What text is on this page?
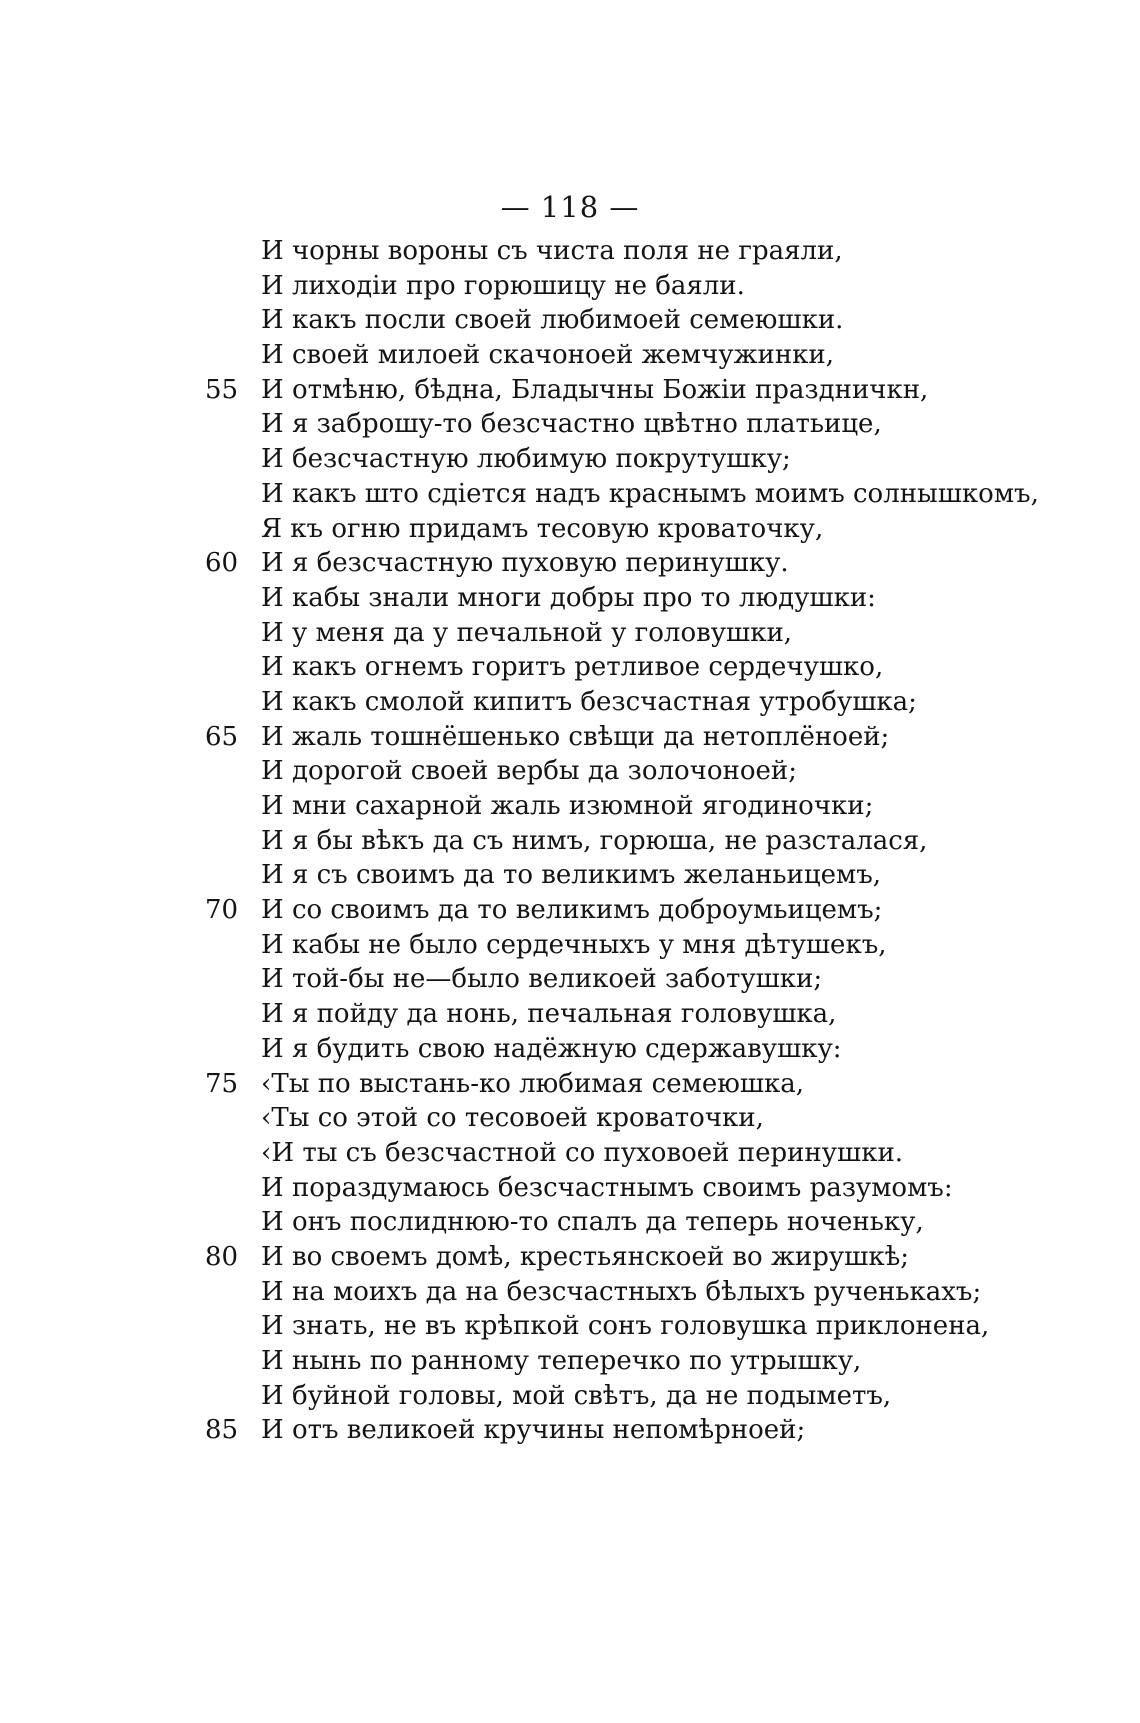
— 118 —
И чорны вороны съ чиста поля не граяли,
И лиходіи про горюшицу не баяли.
И какъ посли своей любимоей семеюшки.
И своей милоей скачоноей жемчужинки,
55 И отмѣню, бѣдна, Бладычны Божіи праздничкн,
И я заброшу-то безсчастно цвѣтно платьице,
И безсчастную любимую покрутушку;
И какъ што сдіется надъ краснымъ моимъ солнышкомъ,
Я къ огню придамъ тесовую кроваточку,
60 И я безсчастную пуховую перинушку.
И кабы знали многи добры про то людушки:
И у меня да у печальной у головушки,
И какъ огнемъ горитъ ретливое сердечушко,
И какъ смолой кипитъ безсчастная утробушка;
65 И жаль тошнёшенько свѣщи да нетоплёноей;
И дорогой своей вербы да золочоноей;
И мни сахарной жаль изюмной ягодиночки;
И я бы вѣкъ да съ нимъ, горюша, не разсталася,
И я съ своимъ да то великимъ желаньицемъ,
70 И со своимъ да то великимъ доброумьицемъ;
И кабы не было сердечныхъ у мня дѣтушекъ,
И той-бы не—было великоей заботушки;
И я пойду да нонь, печальная головушка,
И я будить свою надёжную сдержавушку:
75 ‹Ты по выстань-ко любимая семеюшка,
‹Ты со этой со тесовоей кроваточки,
‹И ты съ безсчастной со пуховоей перинушки.
И пораздумаюсь безсчастнымъ своимъ разумомъ:
И онъ послиднюю-то спалъ да теперь ноченьку,
80 И во своемъ домѣ, крестьянскоей во жирушкѣ;
И на моихъ да на безсчастныхъ бѣлыхъ рученькахъ;
И знать, не въ крѣпкой сонъ головушка приклонена,
И нынь по ранному теперечко по утрышку,
И буйной головы, мой свѣтъ, да не подыметъ,
85 И отъ великоей кручины непомѣрноей;
